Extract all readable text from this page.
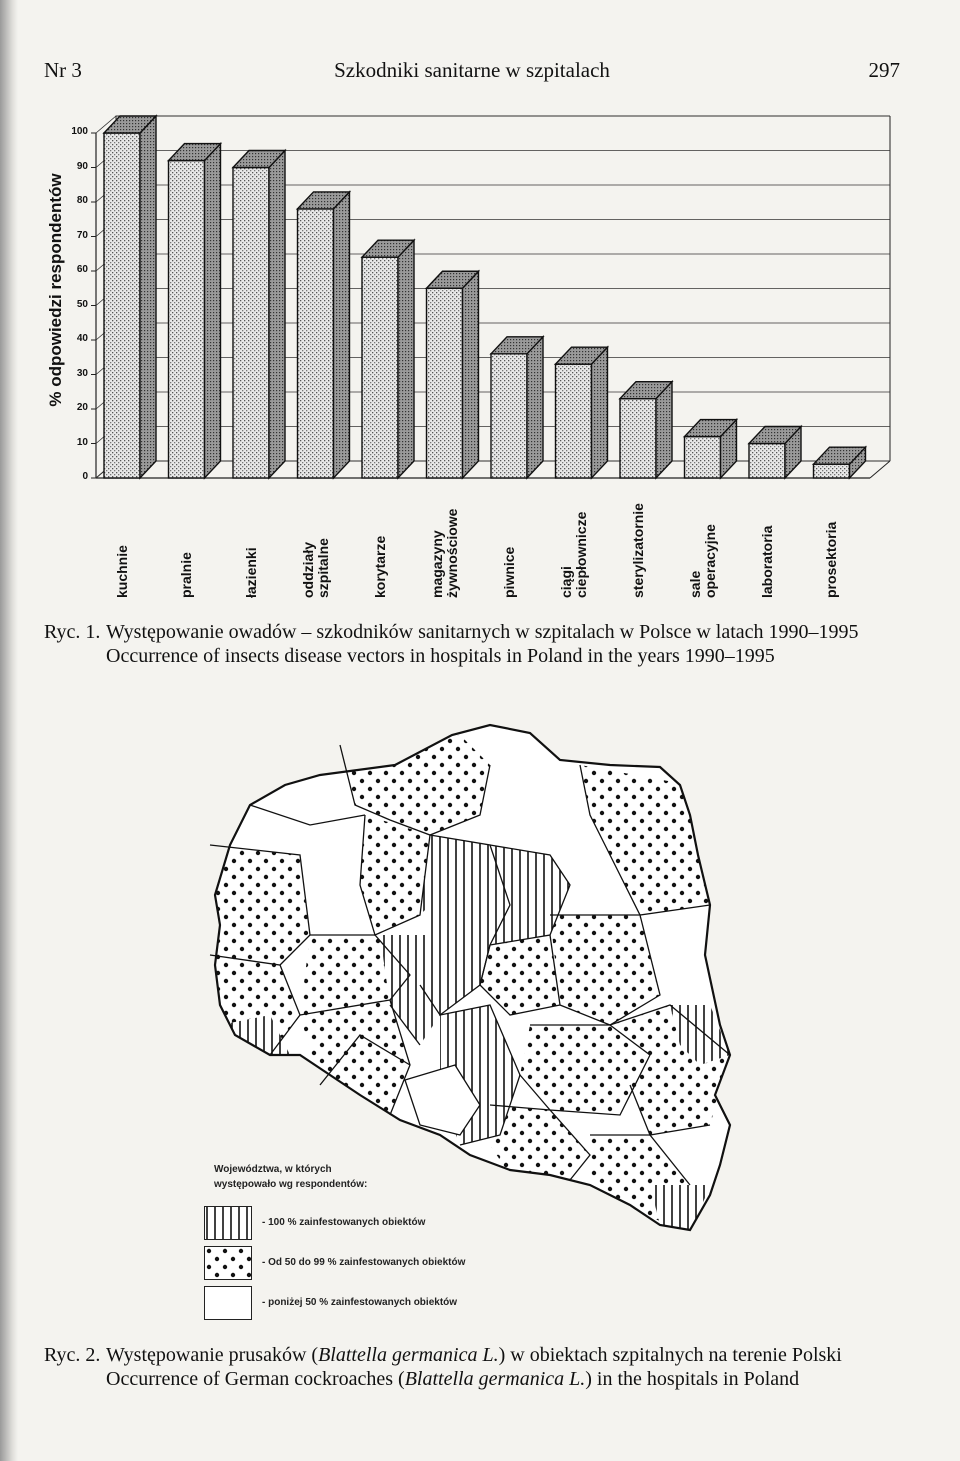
Nr 3	Szkodniki sanitarne w szpitalach	297
% odpowiedzi respondentów
0
10
20
30
40
50
60
70
80
90
100
kuchnie	pralnie	łazienki	oddziały
szpitalne	korytarze	magazyny
żywnościowe	piwnice	ciągi
ciepłownicze	sterylizatornie	sale
operacyjne	laboratoria	prosektoria
Ryc. 1. Występowanie owadów – szkodników sanitarnych w szpitalach w Polsce w latach 1990–1995
Occurrence of insects disease vectors in hospitals in Poland in the years 1990–1995
Województwa, w których
występowało wg respondentów:
- 100 % zainfestowanych obiektów
- Od 50 do 99 % zainfestowanych obiektów
- poniżej 50 % zainfestowanych obiektów
Ryc. 2. Występowanie prusaków (Blattella germanica L.) w obiektach szpitalnych na terenie Polski
Occurrence of German cockroaches (Blattella germanica L.) in the hospitals in Poland
